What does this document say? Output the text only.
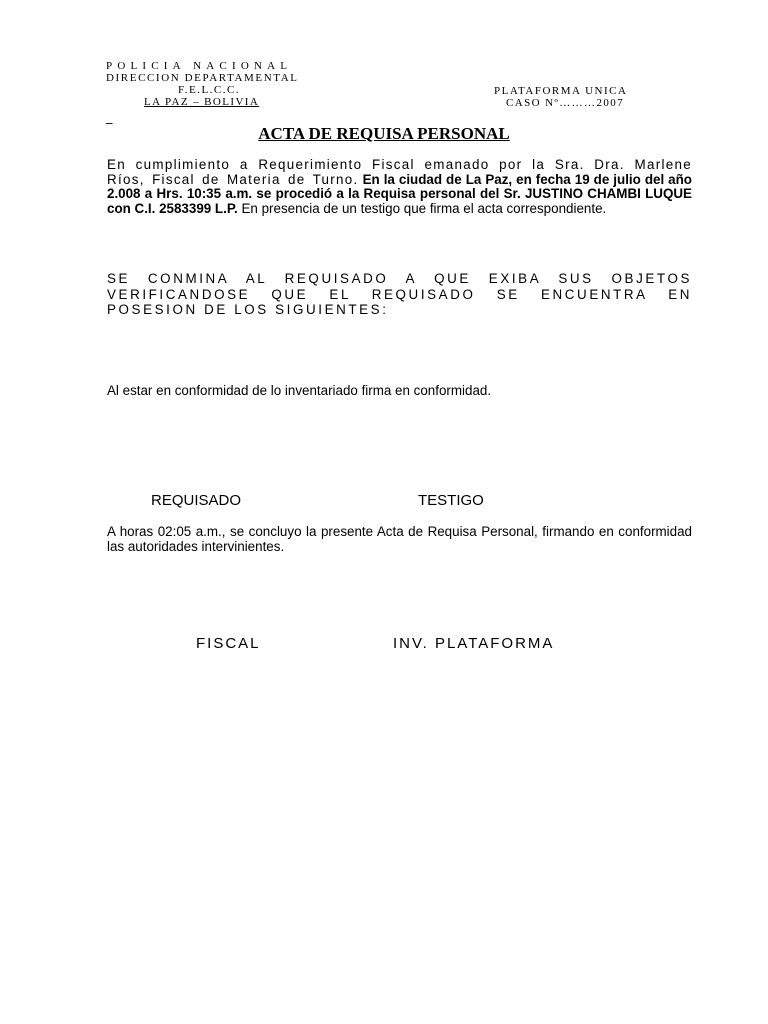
POLICIA NACIONAL
DIRECCION DEPARTAMENTAL
F.E.L.C.C.
LA PAZ – BOLIVIA
PLATAFORMA UNICA
CASO Nº………2007
_
ACTA DE REQUISA PERSONAL
En cumplimiento a Requerimiento Fiscal emanado por la Sra. Dra. Marlene Ríos, Fiscal de Materia de Turno. En la ciudad de La Paz, en fecha 19 de julio del año 2.008 a Hrs. 10:35 a.m. se procedió a la Requisa personal del Sr. JUSTINO CHAMBI LUQUE con C.I. 2583399 L.P. En presencia de un testigo que firma el acta correspondiente.
SE CONMINA AL REQUISADO A QUE EXIBA SUS OBJETOS
VERIFICANDOSE QUE EL REQUISADO SE ENCUENTRA EN
POSESION DE LOS SIGUIENTES:
Al estar en conformidad de lo inventariado firma en conformidad.
REQUISADO	TESTIGO
A horas 02:05 a.m., se concluyo la presente Acta de Requisa Personal, firmando en conformidad las autoridades intervinientes.
FISCAL	INV. PLATAFORMA
